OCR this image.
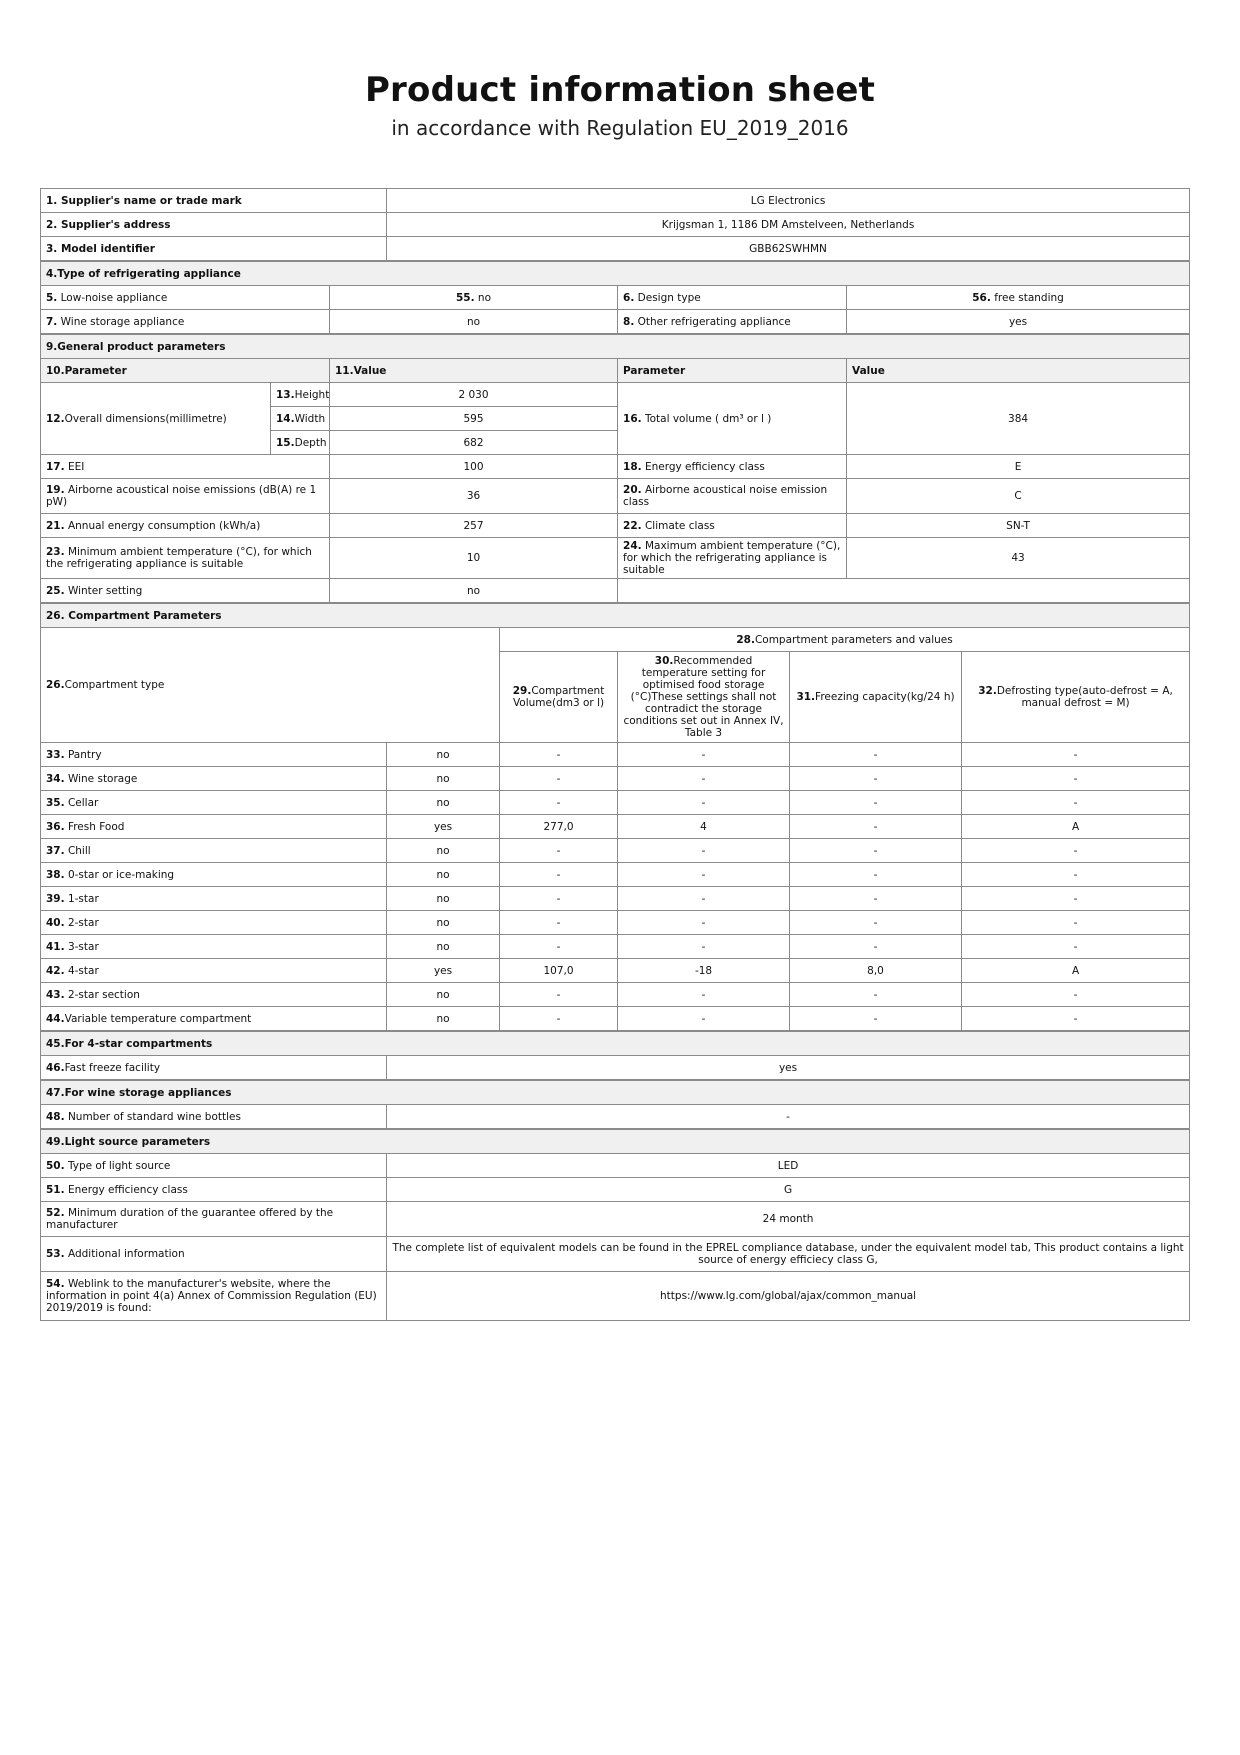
Product information sheet
in accordance with Regulation EU_2019_2016
1. Supplier's name or trade mark			LG Electronics					
2. Supplier's address			Krijgsman 1, 1186 DM Amstelveen, Netherlands					
3. Model identifier			GBB62SWHMN					
4.Type of refrigerating appliance								
5. Low-noise appliance		55. no			6. Design type		56. free standing	
7. Wine storage appliance		no			8. Other refrigerating appliance		yes	
9.General product parameters								
10.Parameter		11.Value			Parameter		Value	
12.Overall dimensions(millimetre)	13.Height	2 030			16. Total volume ( dm³ or l )		384	
	14.Width	595						
	15.Depth	682						
17. EEI		100			18. Energy efficiency class		E	
19. Airborne acoustical noise emissions (dB(A) re 1 pW)		36			20. Airborne acoustical noise emission class		C	
21. Annual energy consumption (kWh/a)		257			22. Climate class		SN-T	
23. Minimum ambient temperature (°C), for which the refrigerating appliance is suitable		10			24. Maximum ambient temperature (°C), for which the refrigerating appliance is suitable		43	
25. Winter setting		no						
26. Compartment Parameters								
26.Compartment type				28.Compartment parameters and values				
				29.Compartment Volume(dm3 or l)	30.Recommended temperature setting for optimised food storage (°C)These settings shall not contradict the storage conditions set out in Annex IV, Table 3	31.Freezing capacity(kg/24 h)		32.Defrosting type(auto-defrost = A, manual defrost = M)
33. Pantry			no	-	-	-		-
34. Wine storage			no	-	-	-		-
35. Cellar			no	-	-	-		-
36. Fresh Food			yes	277,0	4	-		A
37. Chill			no	-	-	-		-
38. 0-star or ice-making			no	-	-	-		-
39. 1-star			no	-	-	-		-
40. 2-star			no	-	-	-		-
41. 3-star			no	-	-	-		-
42. 4-star			yes	107,0	-18	8,0		A
43. 2-star section			no	-	-	-		-
44.Variable temperature compartment			no	-	-	-		-
45.For 4-star compartments								
46.Fast freeze facility			yes					
47.For wine storage appliances								
48. Number of standard wine bottles			-					
49.Light source parameters								
50. Type of light source			LED					
51. Energy efficiency class			G					
52. Minimum duration of the guarantee offered by the manufacturer			24 month					
53. Additional information			The complete list of equivalent models can be found in the EPREL compliance database, under the equivalent model tab, This product contains a light source of energy efficiecy class G,					
54. Weblink to the manufacturer's website, where the information in point 4(a) Annex of Commission Regulation (EU) 2019/2019 is found:			https://www.lg.com/global/ajax/common_manual					
